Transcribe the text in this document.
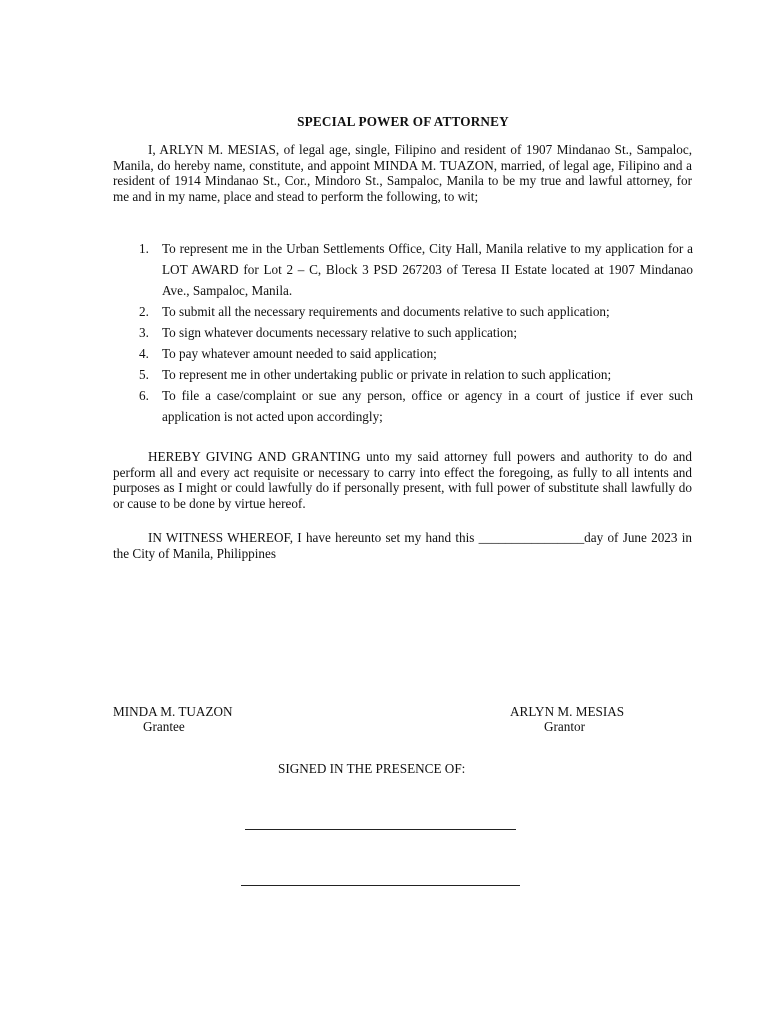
SPECIAL POWER OF ATTORNEY
I, ARLYN M. MESIAS, of legal age, single, Filipino and resident of 1907 Mindanao St., Sampaloc, Manila, do hereby name, constitute, and appoint MINDA M. TUAZON, married, of legal age, Filipino and a resident of 1914 Mindanao St., Cor., Mindoro St., Sampaloc, Manila to be my true and lawful attorney, for me and in my name, place and stead to perform the following, to wit;
1. To represent me in the Urban Settlements Office, City Hall, Manila relative to my application for a LOT AWARD for Lot 2 – C, Block 3 PSD 267203 of Teresa II Estate located at 1907 Mindanao Ave., Sampaloc, Manila.
2. To submit all the necessary requirements and documents relative to such application;
3. To sign whatever documents necessary relative to such application;
4. To pay whatever amount needed to said application;
5. To represent me in other undertaking public or private in relation to such application;
6. To file a case/complaint or sue any person, office or agency in a court of justice if ever such application is not acted upon accordingly;
HEREBY GIVING AND GRANTING unto my said attorney full powers and authority to do and perform all and every act requisite or necessary to carry into effect the foregoing, as fully to all intents and purposes as I might or could lawfully do if personally present, with full power of substitute shall lawfully do or cause to be done by virtue hereof.
IN WITNESS WHEREOF, I have hereunto set my hand this ________________day of June 2023 in the City of Manila, Philippines
MINDA M. TUAZON
Grantee
ARLYN M. MESIAS
Grantor
SIGNED IN THE PRESENCE OF:
